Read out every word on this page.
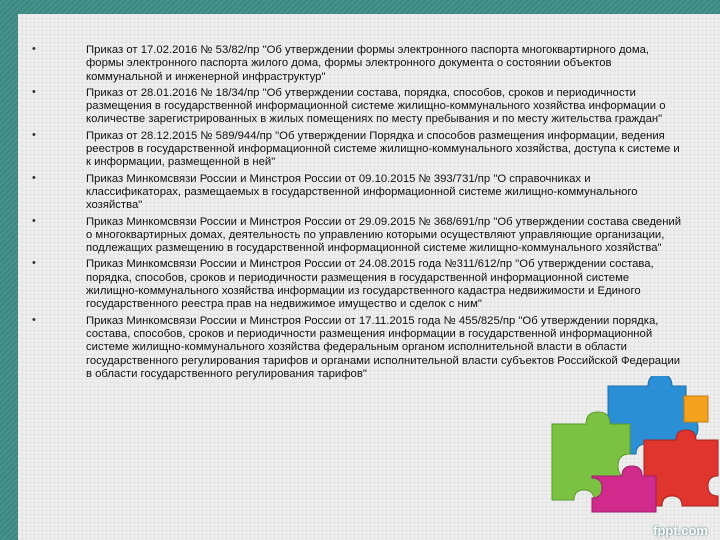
•	Приказ от 17.02.2016 № 53/82/пр "Об утверждении формы электронного паспорта многоквартирного дома, формы электронного паспорта жилого дома, формы электронного документа о состоянии объектов коммунальной и инженерной инфраструктур"
•	Приказ от 28.01.2016 № 18/34/пр "Об утверждении состава, порядка, способов, сроков и периодичности размещения в государственной информационной системе жилищно-коммунального хозяйства информации о количестве зарегистрированных в жилых помещениях по месту пребывания и по месту жительства граждан"
•	Приказ от 28.12.2015 № 589/944/пр "Об утверждении Порядка и способов размещения информации, ведения реестров в государственной информационной системе жилищно-коммунального хозяйства, доступа к системе и к информации, размещенной в ней"
•	Приказ Минкомсвязи России и Минстроя России от 09.10.2015 № 393/731/пр "О справочниках и классификаторах, размещаемых в государственной информационной системе жилищно-коммунального хозяйства"
•	Приказ Минкомсвязи России и Минстроя России от 29.09.2015 № 368/691/пр "Об утверждении состава сведений о многоквартирных домах, деятельность по управлению которыми осуществляют управляющие организации, подлежащих размещению в государственной информационной системе жилищно-коммунального хозяйства"
•	Приказ Минкомсвязи России и Минстроя России от 24.08.2015 года №311/612/пр "Об утверждении состава, порядка, способов, сроков и периодичности размещения в государственной информационной системе жилищно-коммунального хозяйства информации из государственного кадастра недвижимости и Единого государственного реестра прав на недвижимое имущество и сделок с ним"
•	Приказ Минкомсвязи России и Минстроя России от 17.11.2015 года № 455/825/пр "Об утверждении порядка, состава, способов, сроков и периодичности размещения информации в государственной информационной системе жилищно-коммунального хозяйства федеральным органом исполнительной власти в области государственного регулирования тарифов и органами исполнительной власти субъектов Российской Федерации в области государственного регулирования тарифов"
fppt.com
